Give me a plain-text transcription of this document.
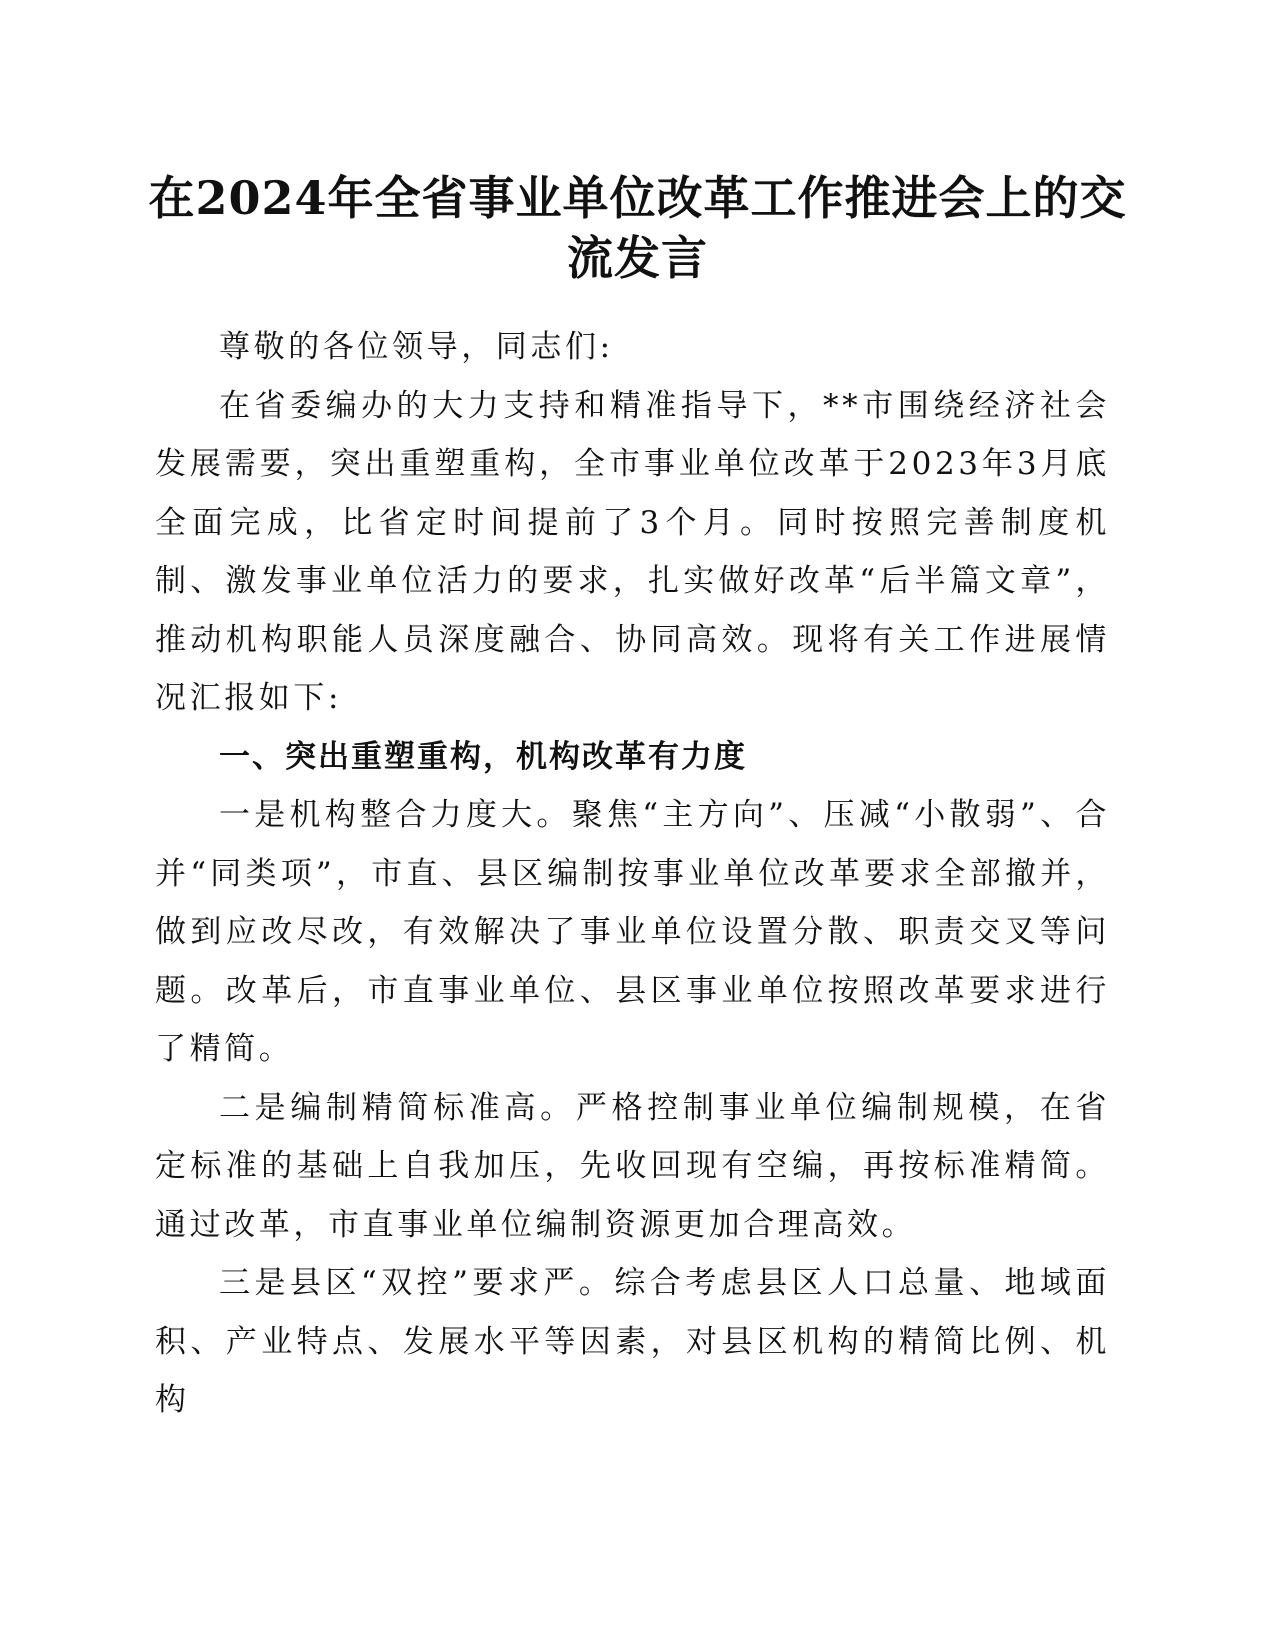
在2024年全省事业单位改革工作推进会上的交流发言

尊敬的各位领导，同志们:

在省委编办的大力支持和精准指导下，**市围绕经济社会发展需要，突出重塑重构，全市事业单位改革于2023年3月底全面完成，比省定时间提前了3个月。同时按照完善制度机制、激发事业单位活力的要求，扎实做好改革“后半篇文章”，推动机构职能人员深度融合、协同高效。现将有关工作进展情况汇报如下:

一、突出重塑重构，机构改革有力度

一是机构整合力度大。聚焦“主方向”、压减“小散弱”、合并“同类项”，市直、县区编制按事业单位改革要求全部撤并，做到应改尽改，有效解决了事业单位设置分散、职责交叉等问题。改革后，市直事业单位、县区事业单位按照改革要求进行了精简。

二是编制精简标准高。严格控制事业单位编制规模，在省定标准的基础上自我加压，先收回现有空编，再按标准精简。通过改革，市直事业单位编制资源更加合理高效。

三是县区“双控”要求严。综合考虑县区人口总量、地域面积、产业特点、发展水平等因素，对县区机构的精简比例、机构
